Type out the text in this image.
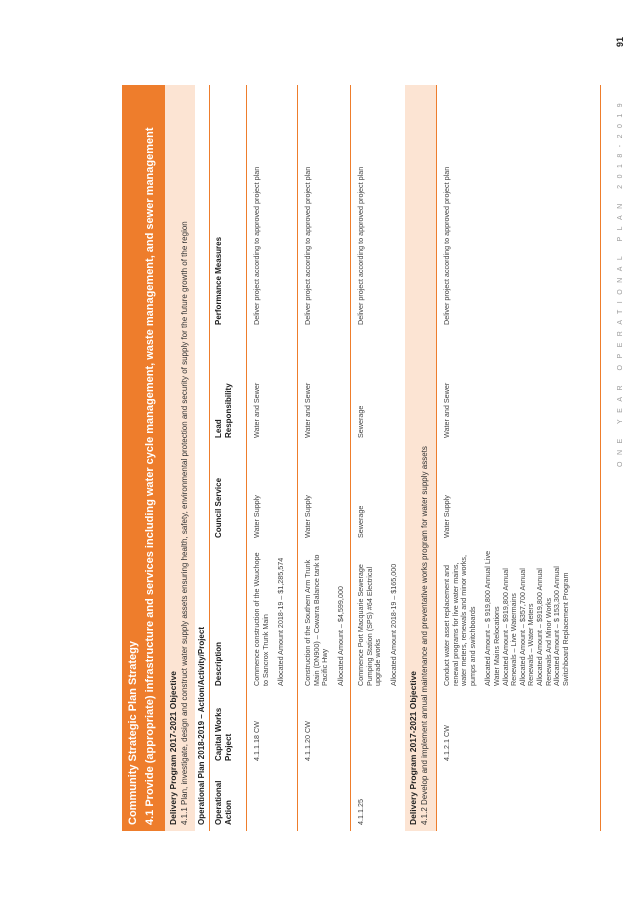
Community Strategic Plan Strategy 4.1 Provide (appropriate) infrastructure and services including water cycle management, waste management, and sewer management Delivery Program 2017-2021 Objective 4.1.1 Plan, investigate, design and construct water supply assets ensuring health, safety, environmental protection and security of supply for the future growth of the region Operational Plan 2018-2019 – Action/Activity/Project	Operational Action
Capital Works Project
Description
Council Service
Lead Responsibility
Performance Measures
4.1.1.18 CW
Commence construction of the Wauchope to Sancrox Trunk Main Allocated Amount 2018-19 – $1,285,574
Water Supply
Water and Sewer
Deliver project according to approved project plan
4.1.1.20 CW
Construction of the Southern Arm Trunk Main (DN900) – Cowarra Balance tank to Pacific Hwy Allocated Amount – $4,599,000
Water Supply
Water and Sewer
Deliver project according to approved project plan
4.1.1.25
Commence Port Macquarie Sewerage Pumping Station (SPS) #64 Electrical upgrade works Allocated Amount 2018-19 – $165,000
Sewerage
Sewerage
Deliver project according to approved project plan
Delivery Program 2017-2021 Objective 4.1.2 Develop and implement annual maintenance and preventative works program for water supply assets 4.1.2.1 CW
Conduct water asset replacement and renewal programs for live water mains, water meters, renewals and minor works, pumps and switchboards Allocated Amount – $ 919,800 Annual Live Water Mains Relocations Allocated Amount – $919,800 Annual Renewals – Live Watermains Allocated Amount – $357,700 Annual Renewals – Water Meters Allocated Amount – $919,800 Annual Renewals And Minor Works Allocated Amount – $ 153,300 Annual Switchboard Replacement Program
Water Supply
Water and Sewer
Deliver project according to approved project plan	ONE YEAR OPERATIONAL PLAN 2018-2019
91
